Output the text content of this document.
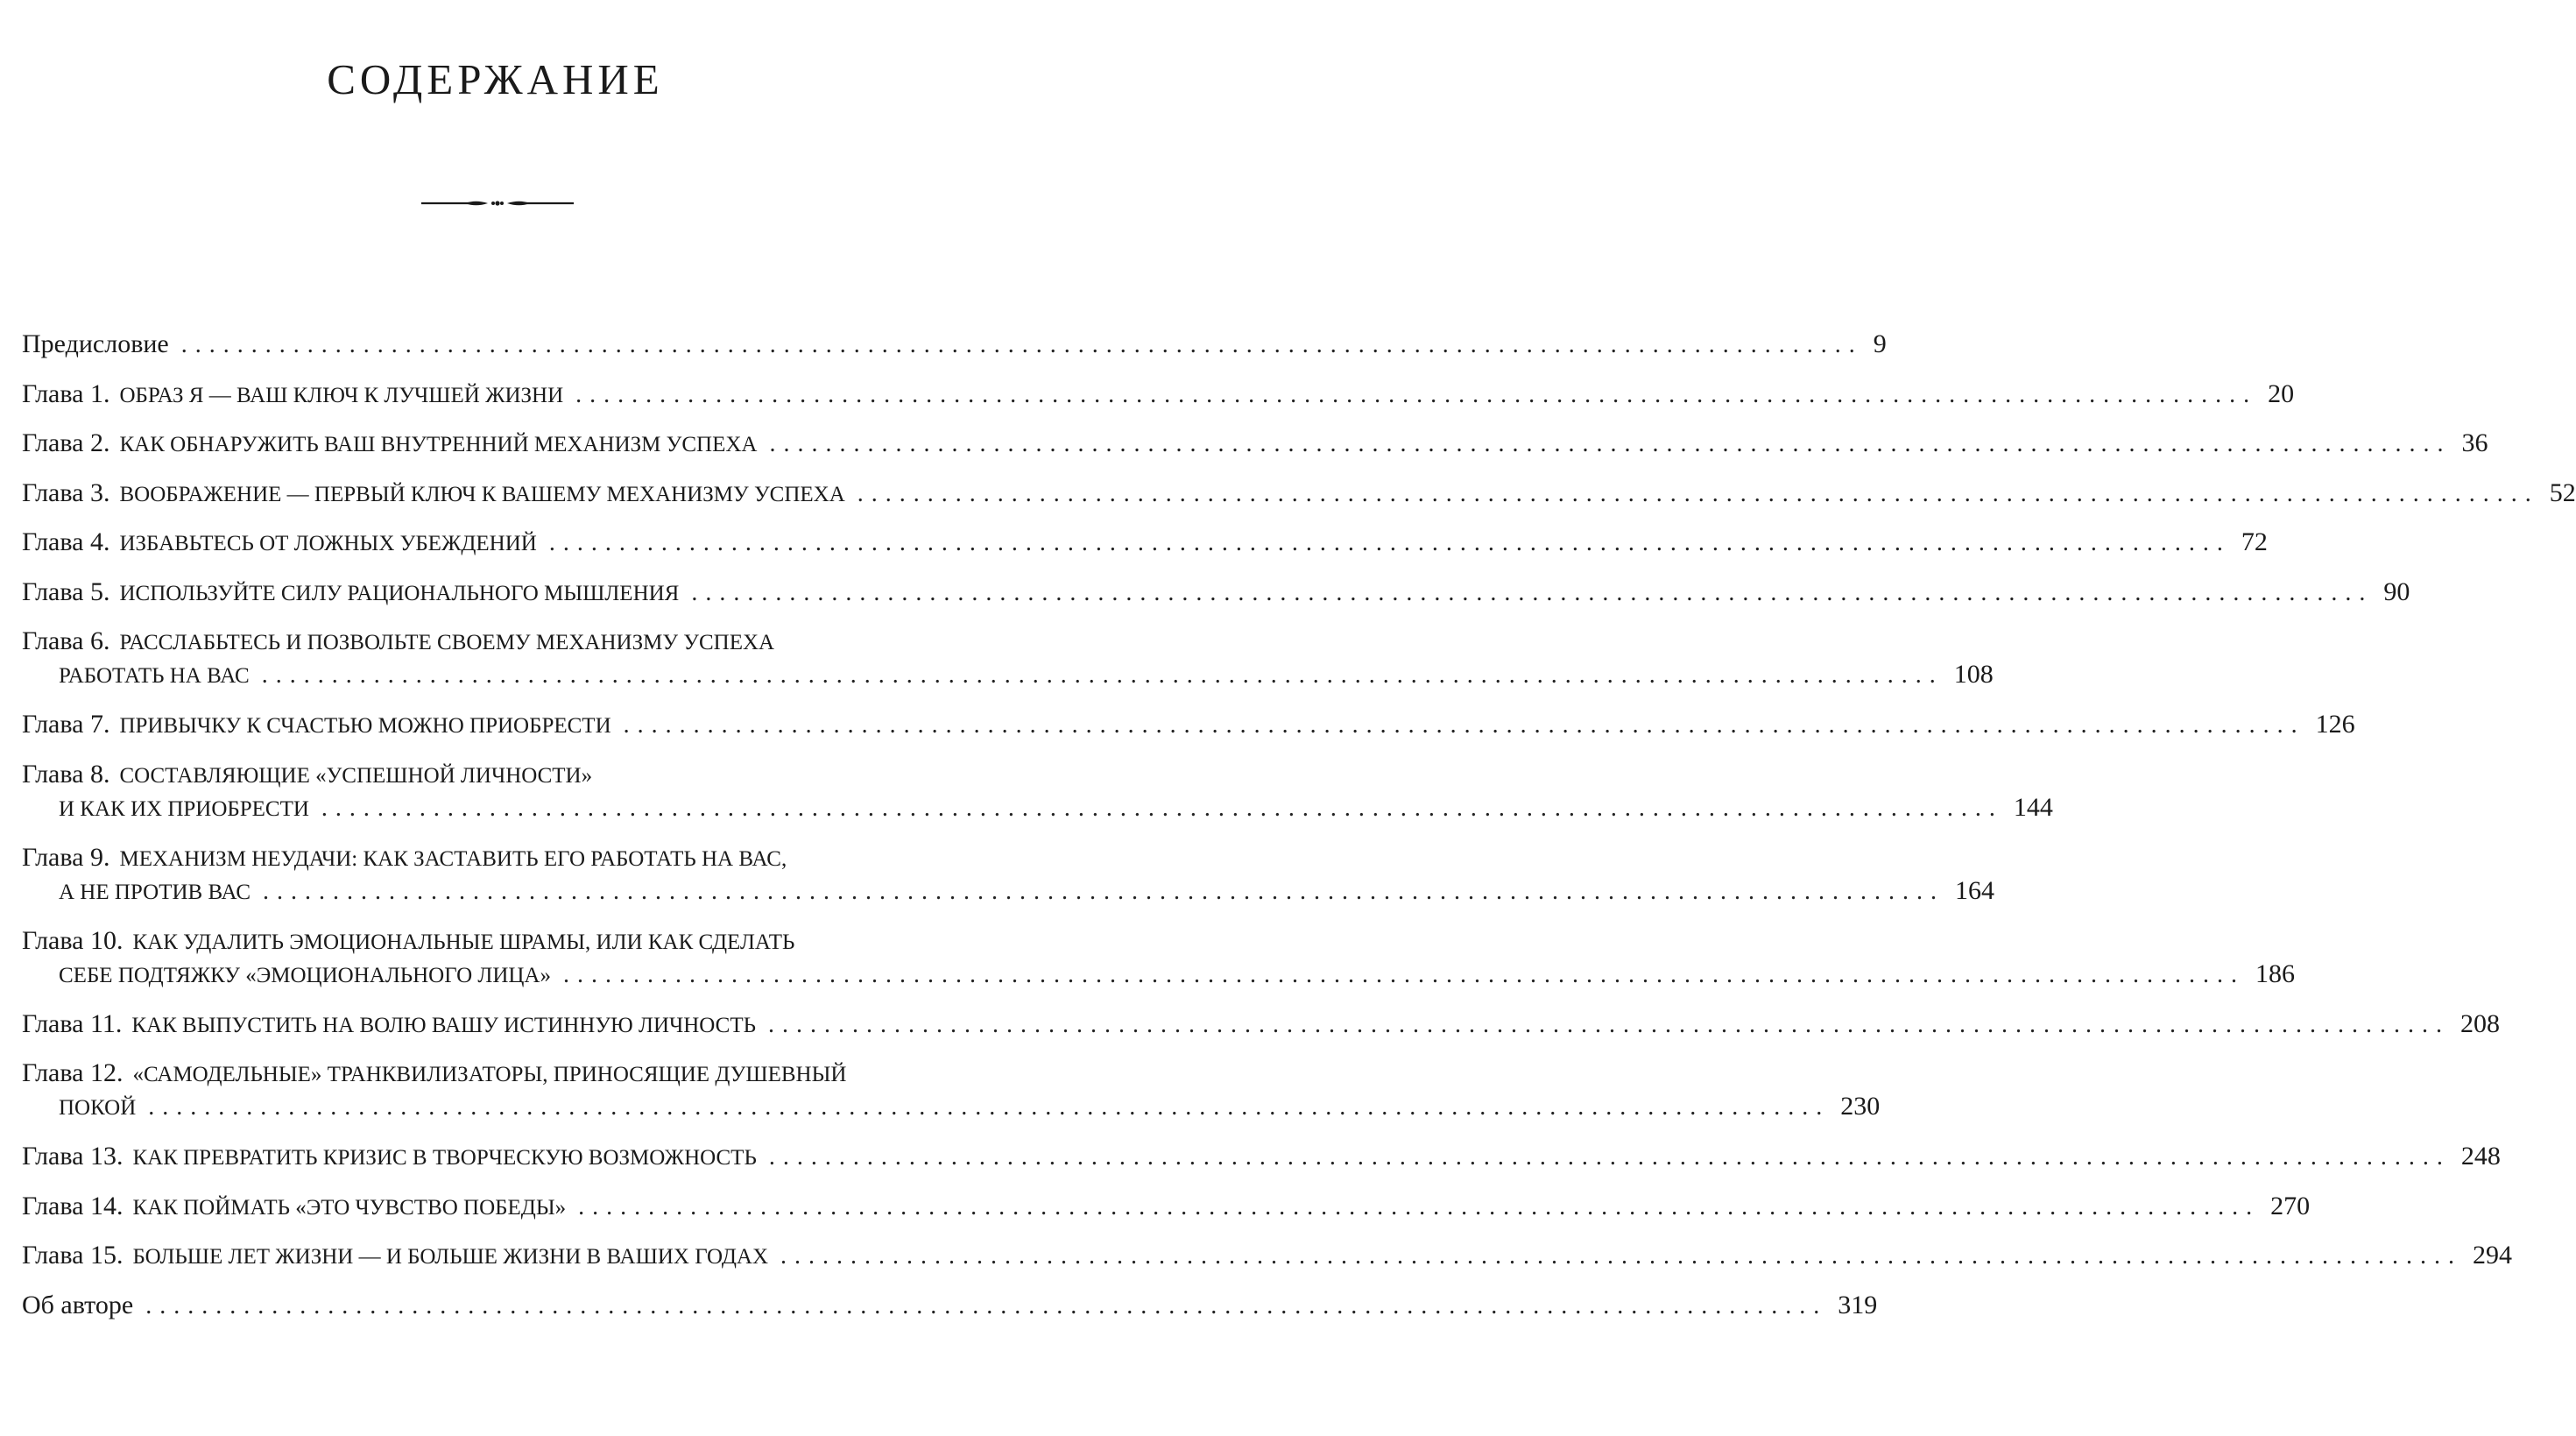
СОДЕРЖАНИЕ
Предисловие ........................................................................................................................ 9
Глава 1. ОБРАЗ Я — ВАШ КЛЮЧ К ЛУЧШЕЙ ЖИЗНИ ........................................................................................................................ 20
Глава 2. КАК ОБНАРУЖИТЬ ВАШ ВНУТРЕННИЙ МЕХАНИЗМ УСПЕХА ........................................................................................................................ 36
Глава 3. ВООБРАЖЕНИЕ — ПЕРВЫЙ КЛЮЧ К ВАШЕМУ МЕХАНИЗМУ УСПЕХА ........................................................................................................................ 52
Глава 4. ИЗБАВЬТЕСЬ ОТ ЛОЖНЫХ УБЕЖДЕНИЙ ........................................................................................................................ 72
Глава 5. ИСПОЛЬЗУЙТЕ СИЛУ РАЦИОНАЛЬНОГО МЫШЛЕНИЯ ........................................................................................................................ 90
Глава 6. РАССЛАБЬТЕСЬ И ПОЗВОЛЬТЕ СВОЕМУ МЕХАНИЗМУ УСПЕХА
РАБОТАТЬ НА ВАС ........................................................................................................................ 108
Глава 7. ПРИВЫЧКУ К СЧАСТЬЮ МОЖНО ПРИОБРЕСТИ ........................................................................................................................ 126
Глава 8. СОСТАВЛЯЮЩИЕ «УСПЕШНОЙ ЛИЧНОСТИ»
И КАК ИХ ПРИОБРЕСТИ ........................................................................................................................ 144
Глава 9. МЕХАНИЗМ НЕУДАЧИ: КАК ЗАСТАВИТЬ ЕГО РАБОТАТЬ НА ВАС,
А НЕ ПРОТИВ ВАС ........................................................................................................................ 164
Глава 10. КАК УДАЛИТЬ ЭМОЦИОНАЛЬНЫЕ ШРАМЫ, ИЛИ КАК СДЕЛАТЬ
СЕБЕ ПОДТЯЖКУ «ЭМОЦИОНАЛЬНОГО ЛИЦА» ........................................................................................................................ 186
Глава 11. КАК ВЫПУСТИТЬ НА ВОЛЮ ВАШУ ИСТИННУЮ ЛИЧНОСТЬ ........................................................................................................................ 208
Глава 12. «САМОДЕЛЬНЫЕ» ТРАНКВИЛИЗАТОРЫ, ПРИНОСЯЩИЕ ДУШЕВНЫЙ
ПОКОЙ ........................................................................................................................ 230
Глава 13. КАК ПРЕВРАТИТЬ КРИЗИС В ТВОРЧЕСКУЮ ВОЗМОЖНОСТЬ ........................................................................................................................ 248
Глава 14. КАК ПОЙМАТЬ «ЭТО ЧУВСТВО ПОБЕДЫ» ........................................................................................................................ 270
Глава 15. БОЛЬШЕ ЛЕТ ЖИЗНИ — И БОЛЬШЕ ЖИЗНИ В ВАШИХ ГОДАХ ........................................................................................................................ 294
Об авторе ........................................................................................................................ 319
